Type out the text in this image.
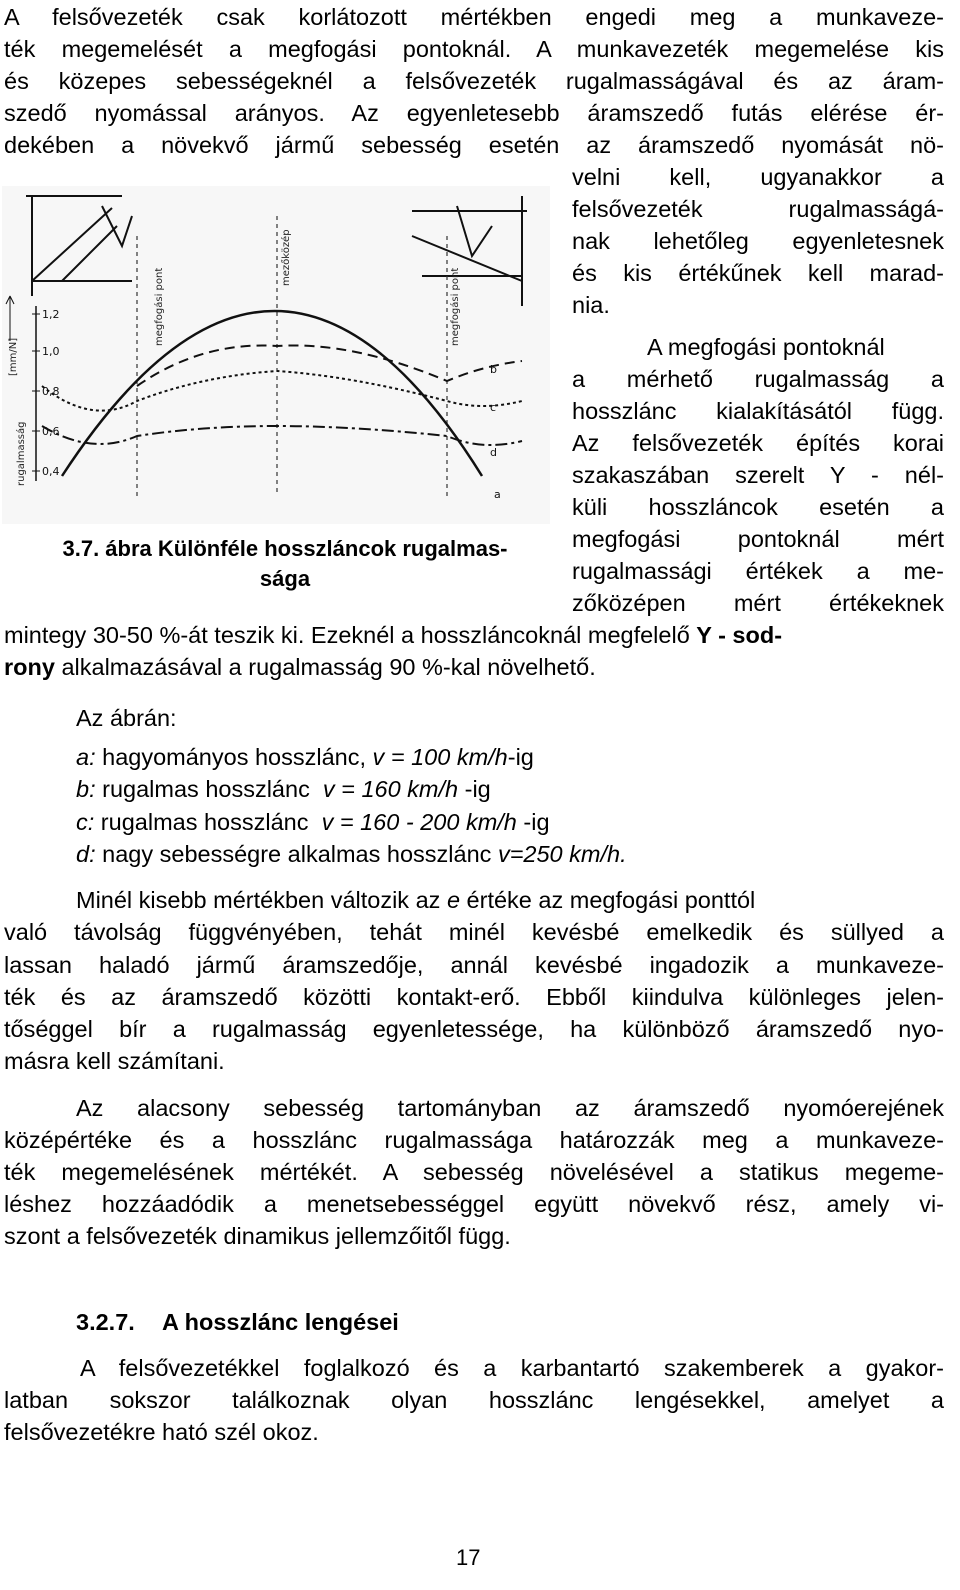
A felsővezeték csak korlátozott mértékben engedi meg a munkaveze-
ték megemelését a megfogási pontoknál. A munkavezeték megemelése kis
és közepes sebességeknél a felsővezeték rugalmasságával és az áram-
szedő nyomással arányos. Az egyenletesebb áramszedő futás elérése ér-
dekében a növekvő jármű sebesség esetén az áramszedő nyomását nö-
velni kell, ugyanakkor a
felsővezeték rugalmasságá-
nak lehetőleg egyenletesnek
és kis értékűnek kell marad-
nia.
A megfogási pontoknál
a mérhető rugalmasság a
hosszlánc kialakításától függ.
Az felsővezeték építés korai
szakaszában szerelt Y - nél-
küli hosszláncok esetén a
megfogási pontoknál mért
rugalmassági értékek a me-
zőközépen mért értékeknek
mintegy 30-50 %-át teszik ki. Ezeknél a hosszláncoknál megfelelő Y - sod-
rony alkalmazásával a rugalmasság 90 %-kal növelhető.
1,2
1,0
0,8
0,6
0,4
[mm/N]
rugalmasság
megfogási pont
mezőközép
megfogási pont
a
b
c
d
3.7. ábra Különféle hosszláncok rugalmas-
sága
Az ábrán:
a: hagyományos hosszlánc, v = 100 km/h-ig
b: rugalmas hosszlánc  v = 160 km/h -ig
c: rugalmas hosszlánc  v = 160 - 200 km/h -ig
d: nagy sebességre alkalmas hosszlánc v=250 km/h.
Minél kisebb mértékben változik az e értéke az megfogási ponttól
való távolság függvényében, tehát minél kevésbé emelkedik és süllyed a
lassan haladó jármű áramszedője, annál kevésbé ingadozik a munkaveze-
ték és az áramszedő közötti kontakt-erő. Ebből kiindulva különleges jelen-
tőséggel bír a rugalmasság egyenletessége, ha különböző áramszedő nyo-
másra kell számítani.
Az alacsony sebesség tartományban az áramszedő nyomóerejének
középértéke és a hosszlánc rugalmassága határozzák meg a munkaveze-
ték megemelésének mértékét. A sebesség növelésével a statikus megeme-
léshez hozzáadódik a menetsebességgel együtt növekvő rész, amely vi-
szont a felsővezeték dinamikus jellemzőitől függ.
3.2.7. A hosszlánc lengései
A felsővezetékkel foglalkozó és a karbantartó szakemberek a gyakor-
latban sokszor találkoznak olyan hosszlánc lengésekkel, amelyet a
felsővezetékre ható szél okoz.
17
